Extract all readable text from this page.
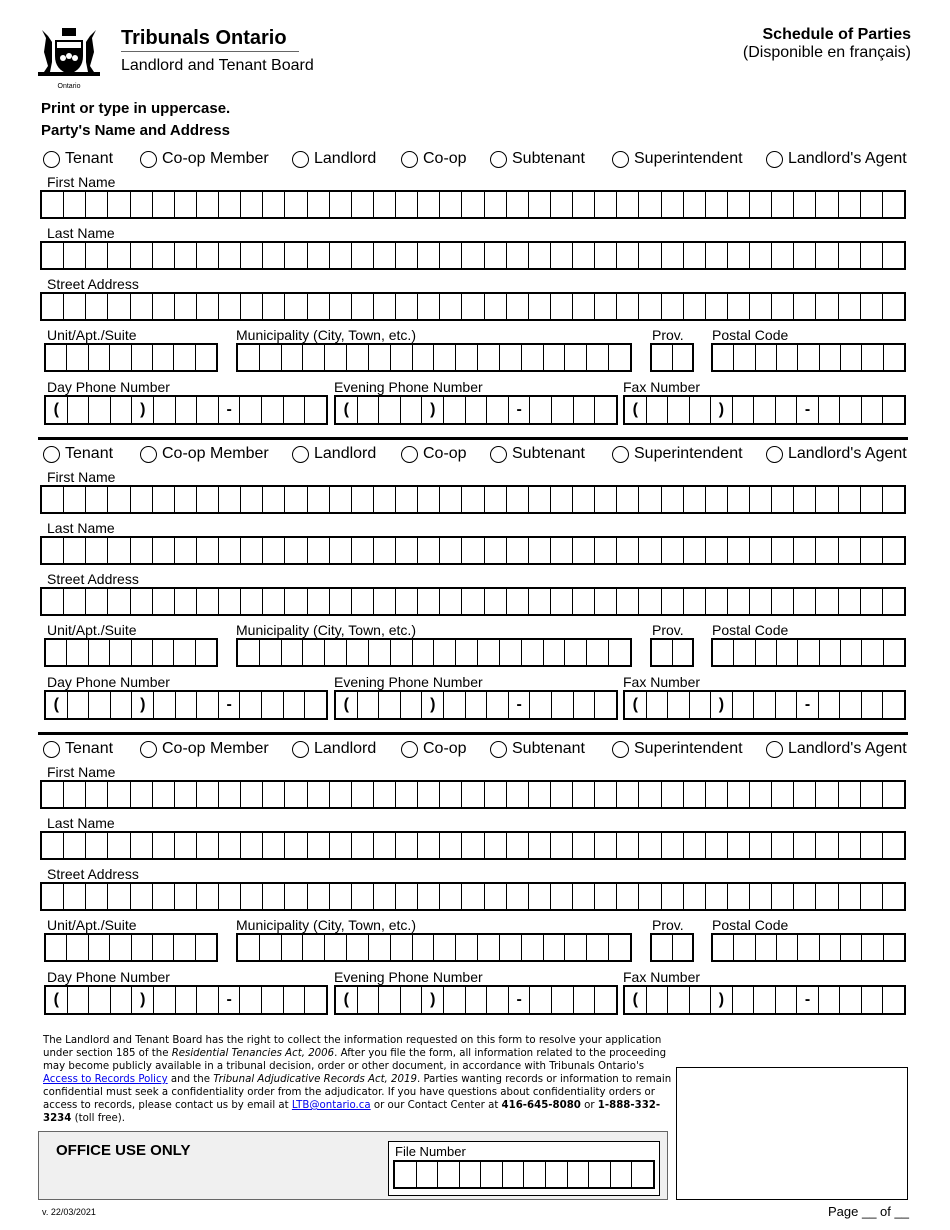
Ontario
Tribunals Ontario
Landlord and Tenant Board
Schedule of Parties
(Disponible en français)
Print or type in uppercase.
Party's Name and Address
Tenant	Co-op Member	Landlord	Co-op	Subtenant	Superintendent	Landlord's Agent
First Name
Last Name
Street Address
Unit/Apt./Suite	Municipality (City, Town, etc.)	Prov. Postal Code
Day Phone Number
(	)	-
Evening Phone Number
(	)	-
Fax Number
(	)	-
Tenant	Co-op Member	Landlord	Co-op	Subtenant	Superintendent	Landlord's Agent
First Name
Last Name
Street Address
Unit/Apt./Suite	Municipality (City, Town, etc.)	Prov. Postal Code
Day Phone Number
(	)	-
Evening Phone Number
(	)	-
Fax Number
(	)	-
Tenant	Co-op Member	Landlord	Co-op	Subtenant	Superintendent	Landlord's Agent
First Name
Last Name
Street Address
Unit/Apt./Suite	Municipality (City, Town, etc.)	Prov. Postal Code
Day Phone Number
(	)	-
Evening Phone Number
(	)	-
Fax Number
(	)	-
The Landlord and Tenant Board has the right to collect the information requested on this form to resolve your application under section 185 of the Residential Tenancies Act, 2006. After you file the form, all information related to the proceeding may become publicly available in a tribunal decision, order or other document, in accordance with Tribunals Ontario's Access to Records Policy and the Tribunal Adjudicative Records Act, 2019. Parties wanting records or information to remain confidential must seek a confidentiality order from the adjudicator. If you have questions about confidentiality orders or access to records, please contact us by email at LTB@ontario.ca or our Contact Center at 416-645-8080 or 1-888-332-3234 (toll free).
OFFICE USE ONLY	File Number
v. 22/03/2021	Page __ of __
